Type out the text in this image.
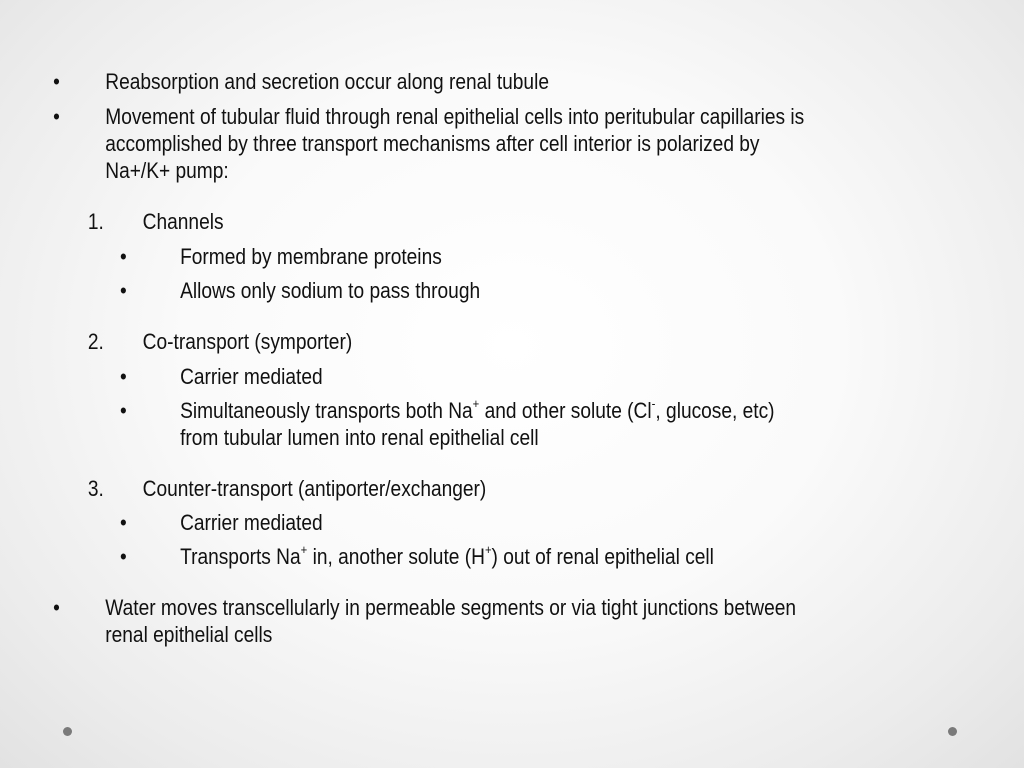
• Reabsorption and secretion occur along renal tubule
• Movement of tubular fluid through renal epithelial cells into peritubular capillaries is
accomplished by three transport mechanisms after cell interior is polarized by
Na+/K+ pump:
1. Channels
• Formed by membrane proteins
• Allows only sodium to pass through
2. Co-transport (symporter)
• Carrier mediated
• Simultaneously transports both Na+ and other solute (Cl-, glucose, etc)
from tubular lumen into renal epithelial cell
3. Counter-transport (antiporter/exchanger)
• Carrier mediated
• Transports Na+ in, another solute (H+) out of renal epithelial cell
• Water moves transcellularly in permeable segments or via tight junctions between
renal epithelial cells
